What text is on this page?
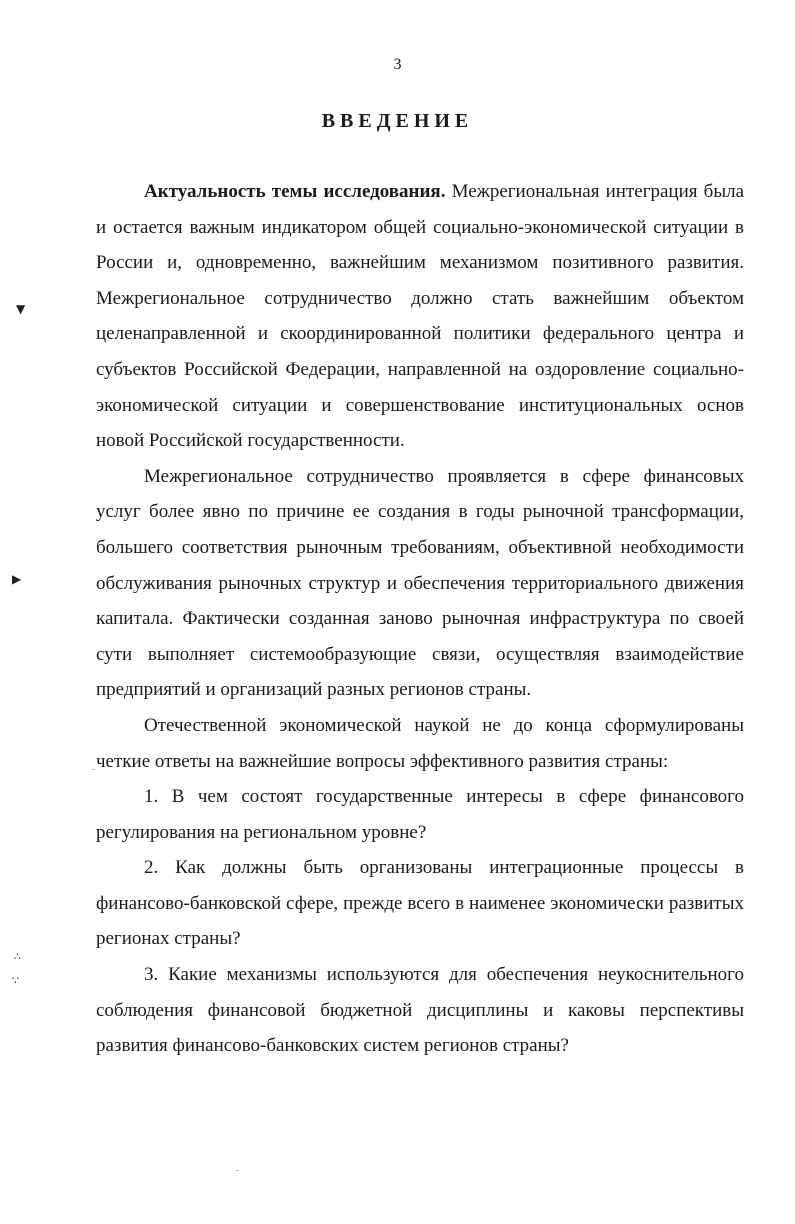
3
ВВЕДЕНИЕ

Актуальность темы исследования. Межрегиональная интеграция была и остается важным индикатором общей социально-экономической ситуации в России и, одновременно, важнейшим механизмом позитивного развития. Межрегиональное сотрудничество должно стать важнейшим объектом целенаправленной и скоординированной политики федерального центра и субъектов Российской Федерации, направленной на оздоровление социально-экономической ситуации и совершенствование институциональных основ новой Российской государственности.

Межрегиональное сотрудничество проявляется в сфере финансовых услуг более явно по причине ее создания в годы рыночной трансформации, большего соответствия рыночным требованиям, объективной необходимости обслуживания рыночных структур и обеспечения территориального движения капитала. Фактически созданная заново рыночная инфраструктура по своей сути выполняет системообразующие связи, осуществляя взаимодействие предприятий и организаций разных регионов страны.

Отечественной экономической наукой не до конца сформулированы четкие ответы на важнейшие вопросы эффективного развития страны:

1. В чем состоят государственные интересы в сфере финансового регулирования на региональном уровне?

2. Как должны быть организованы интеграционные процессы в финансово-банковской сфере, прежде всего в наименее экономически развитых регионах страны?

3. Какие механизмы используются для обеспечения неукоснительного соблюдения финансовой бюджетной дисциплины и каковы перспективы развития финансово-банковских систем регионов страны?

▼
▶
∴
∵
